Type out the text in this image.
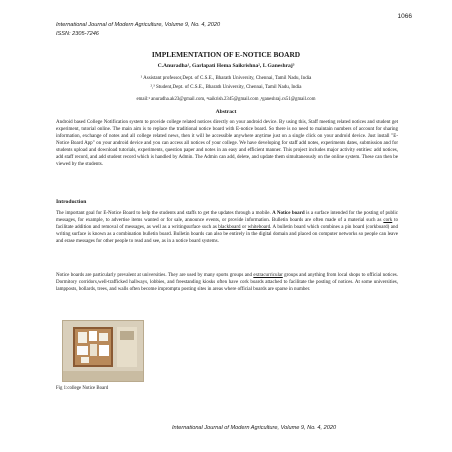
1066
International Journal of Modern Agriculture, Volume 9, No. 4, 2020
ISSN: 2305-7246
IMPLEMENTATION OF E-NOTICE BOARD
C.Anuradha¹, Garlapati Hema Saikrishna², L Ganeshraj³
¹ Assistant professor,Dept. of C.S.E., Bharath University, Chennai, Tamil Nadu, India
²,³ Student,Dept. of C.S.E., Bharath University, Chennai, Tamil Nadu, India
email:¹ anuradha.ak23@gmail.com, ²saikrish.2345@gmail.com ,³ganeshraj.cs51@gmail.com
Abstract

Android based College Notification system to provide college related notices directly on your android device. By using this, Staff meeting related notices and student get experiment, tutorial online. The main aim is to replace the traditional notice board with E-notice board. So there is no need to maintain numbers of account for sharing information, exchange of notes and all college related news, then it will be accessible anywhere anytime just on a single click on your android device. Just install "E-Notice Board App" on your android device and you can access all notices of your college. We have developing for staff add notes, experiments dates, submission and for students upload and download tutorials, experiments, question paper and notes in an easy and efficient manner. This project includes major activity entities: add notices, add staff record, and add student record which is handled by Admin. The Admin can add, delete, and update them simultaneously on the online system. These can then be viewed by the students.

Introduction

The important goal for E-Notice Board to help the students and staffs to get the updates through a mobile. A Notice board is a surface intended for the posting of public messages, for example, to advertise items wanted or for sale, announce events, or provide information. Bulletin boards are often made of a material such as cork to facilitate addition and removal of messages, as well as a writingsurface such as blackboard or whiteboard. A bulletin board which combines a pin board (corkboard) and writing surface is known as a combination bulletin board. Bulletin boards can also be entirely in the digital domain and placed on computer networks so people can leave and erase messages for other people to read and see, as in a notice board systems.

Notice boards are particularly prevalent at universities. They are used by many sports groups and extracurricular groups and anything from local shops to official notices. Dormitory corridors,well-trafficked hallways, lobbies, and freestanding kiosks often have cork boards attached to facilitate the posting of notices. At some universities, lampposts, bollards, trees, and walls often become impromptu posting sites in areas where official boards are sparse in number.

Fig 1:college Notice Board
International Journal of Modern Agriculture, Volume 9, No. 4, 2020
